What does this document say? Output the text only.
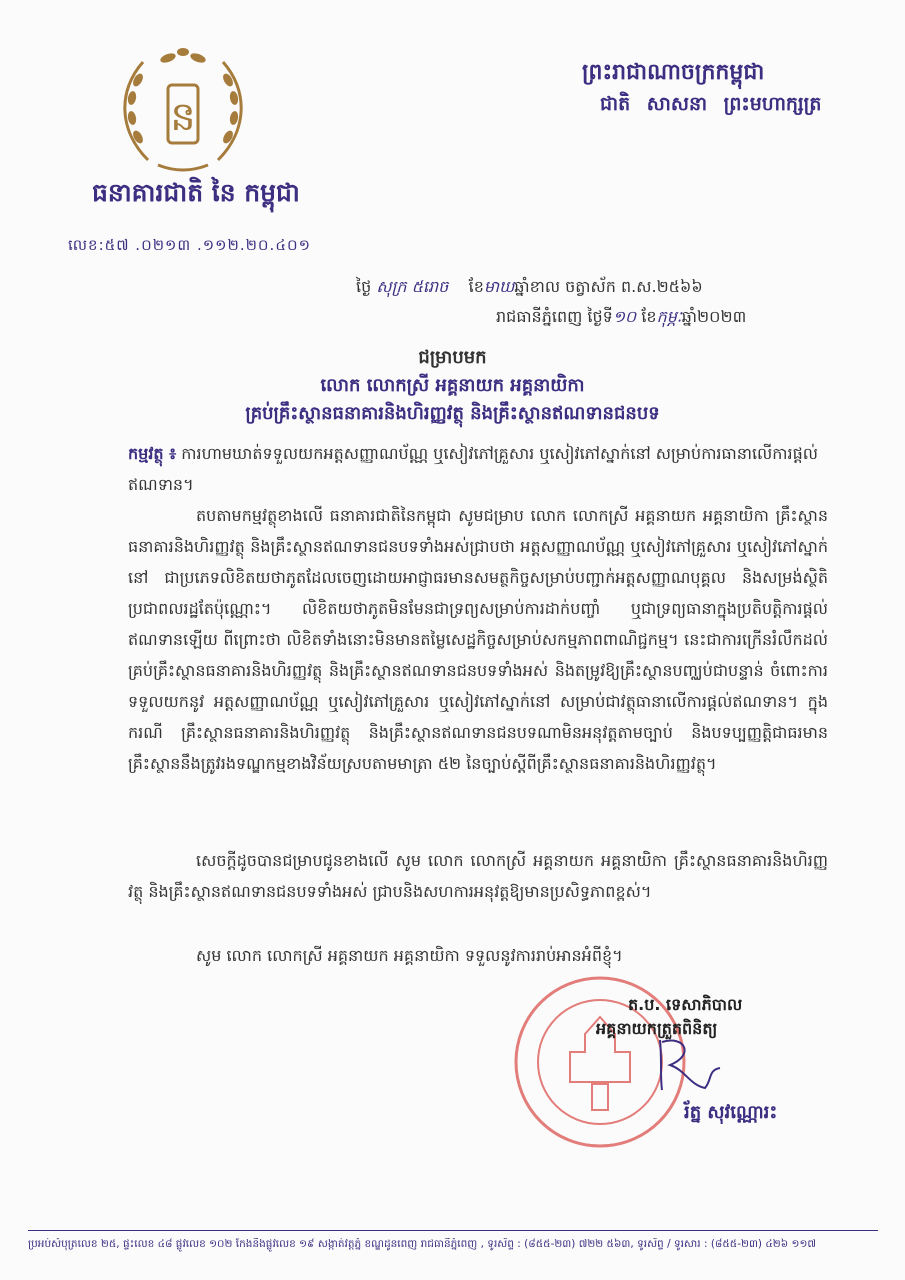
ន
ធនាគារជាតិ នៃ កម្ពុជា
លេខ:៥៧ .០២១៣ .១១២.២០.៤០១
ព្រះរាជាណាចក្រកម្ពុជា
ជាតិ សាសនា ព្រះមហាក្សត្រ
ថ្ងៃ សុក្រ ៥រោច ខែមាឃឆ្នាំខាល ចត្វាស័ក ព.ស.២៥៦៦
រាជធានីភ្នំពេញ ថ្ងៃទី១០ ខែកុម្ភៈឆ្នាំ២០២៣
ជម្រាបមក
លោក លោកស្រី អគ្គនាយក អគ្គនាយិកា
គ្រប់គ្រឹះស្ថានធនាគារនិងហិរញ្ញវត្ថុ និងគ្រឹះស្ថានឥណទានជនបទ
កម្មវត្ថុ ៖ ការហាមឃាត់ទទួលយកអត្តសញ្ញាណប័ណ្ណ ឬសៀវភៅគ្រួសារ ឬសៀវភៅស្នាក់នៅ សម្រាប់ការធានាលើការផ្តល់ឥណទាន។
តបតាមកម្មវត្ថុខាងលើ ធនាគារជាតិនៃកម្ពុជា សូមជម្រាប លោក លោកស្រី អគ្គនាយក អគ្គនាយិកា គ្រឹះស្ថានធនាគារនិងហិរញ្ញវត្ថុ និងគ្រឹះស្ថានឥណទានជនបទទាំងអស់ជ្រាបថា អត្តសញ្ញាណប័ណ្ណ ឬសៀវភៅគ្រួសារ ឬសៀវភៅស្នាក់នៅ ជាប្រភេទលិខិតយថាភូតដែលចេញដោយអាជ្ញាធរមានសមត្ថកិច្ចសម្រាប់បញ្ជាក់អត្តសញ្ញាណបុគ្គល និងសម្រង់ស្ថិតិប្រជាពលរដ្ឋតែប៉ុណ្ណោះ។ លិខិតយថាភូតមិនមែនជាទ្រព្យសម្រាប់ការដាក់បញ្ចាំ ឬជាទ្រព្យធានាក្នុងប្រតិបត្តិការផ្តល់ឥណទានឡើយ ពីព្រោះថា លិខិតទាំងនោះមិនមានតម្លៃសេដ្ឋកិច្ចសម្រាប់សកម្មភាពពាណិជ្ជកម្ម។ នេះជាការក្រើនរំលឹកដល់គ្រប់គ្រឹះស្ថានធនាគារនិងហិរញ្ញវត្ថុ និងគ្រឹះស្ថានឥណទានជនបទទាំងអស់ និងតម្រូវឱ្យគ្រឹះស្ថានបញ្ឈប់ជាបន្ទាន់ ចំពោះការទទួលយកនូវ អត្តសញ្ញាណប័ណ្ណ ឬសៀវភៅគ្រួសារ ឬសៀវភៅស្នាក់នៅ សម្រាប់ជាវត្ថុធានាលើការផ្តល់ឥណទាន។ ក្នុងករណី គ្រឹះស្ថានធនាគារនិងហិរញ្ញវត្ថុ និងគ្រឹះស្ថានឥណទានជនបទណាមិនអនុវត្តតាមច្បាប់ និងបទប្បញ្ញត្តិជាធរមាន គ្រឹះស្ថាននឹងត្រូវរងទណ្ឌកម្មខាងវិន័យស្របតាមមាត្រា ៥២ នៃច្បាប់ស្តីពីគ្រឹះស្ថានធនាគារនិងហិរញ្ញវត្ថុ។
សេចក្តីដូចបានជម្រាបជូនខាងលើ សូម លោក លោកស្រី អគ្គនាយក អគ្គនាយិកា គ្រឹះស្ថានធនាគារនិងហិរញ្ញវត្ថុ និងគ្រឹះស្ថានឥណទានជនបទទាំងអស់ ជ្រាបនិងសហការអនុវត្តឱ្យមានប្រសិទ្ធភាពខ្ពស់។
សូម លោក លោកស្រី អគ្គនាយក អគ្គនាយិកា ទទួលនូវការរាប់អានអំពីខ្ញុំ។
ត.ប. ទេសាភិបាល
អគ្គនាយកត្រួតពិនិត្យ
រ័ត្ន សុវណ្ណោរះ
ប្រអប់សំបុត្រលេខ ២៥, ផ្ទះលេខ ៤៨ ផ្លូវលេខ ១០២ កែងនឹងផ្លូវលេខ ១៩ សង្កាត់វត្តភ្នំ ខណ្ឌដូនពេញ រាជធានីភ្នំពេញ , ទូរស័ព្ទ : (៨៥៥-២៣) ៧២២ ៥៦៣, ទូរស័ព្ទ / ទូរសារ : (៨៥៥-២៣) ៤២៦ ១១៧
